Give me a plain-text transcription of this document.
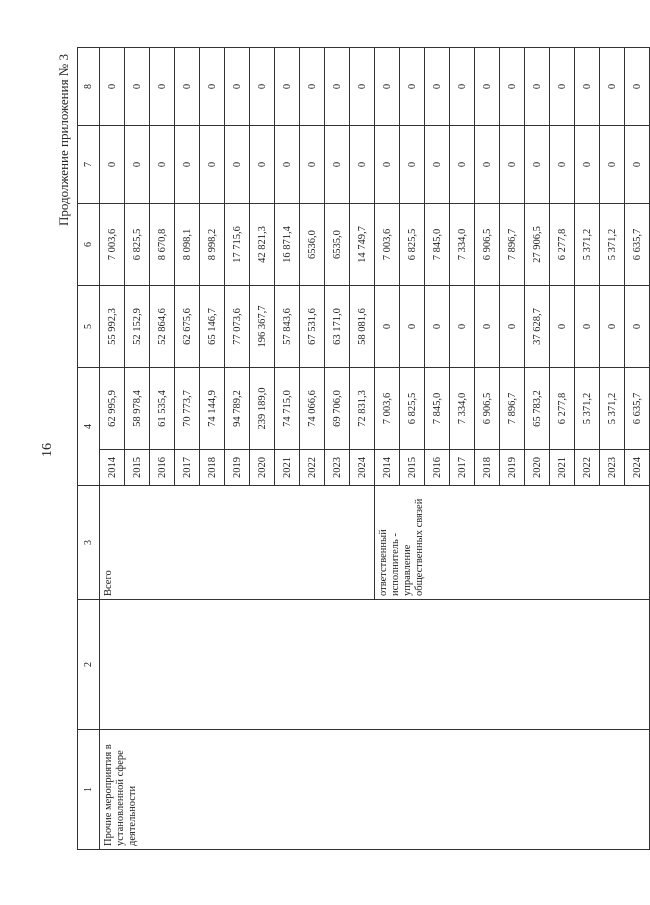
16
Продолжение приложения № 3
1	2	3	4		5	6	7	8
Прочие мероприятия в установленной сфере деятельности		Всего	2014	62 995,9	55 992,3	7 003,6	0	0
			2015	58 978,4	52 152,9	6 825,5	0	0
			2016	61 535,4	52 864,6	8 670,8	0	0
			2017	70 773,7	62 675,6	8 098,1	0	0
			2018	74 144,9	65 146,7	8 998,2	0	0
			2019	94 789,2	77 073,6	17 715,6	0	0
			2020	239 189,0	196 367,7	42 821,3	0	0
			2021	74 715,0	57 843,6	16 871,4	0	0
			2022	74 066,6	67 531,6	6536,0	0	0
			2023	69 706,0	63 171,0	6535,0	0	0
			2024	72 831,3	58 081,6	14 749,7	0	0
		ответственный исполнитель - управление общественных связей	2014	7 003,6	0	7 003,6	0	0
			2015	6 825,5	0	6 825,5	0	0
			2016	7 845,0	0	7 845,0	0	0
			2017	7 334,0	0	7 334,0	0	0
			2018	6 906,5	0	6 906,5	0	0
			2019	7 896,7	0	7 896,7	0	0
			2020	65 783,2	37 628,7	27 906,5	0	0
			2021	6 277,8	0	6 277,8	0	0
			2022	5 371,2	0	5 371,2	0	0
			2023	5 371,2	0	5 371,2	0	0
			2024	6 635,7	0	6 635,7	0	0
